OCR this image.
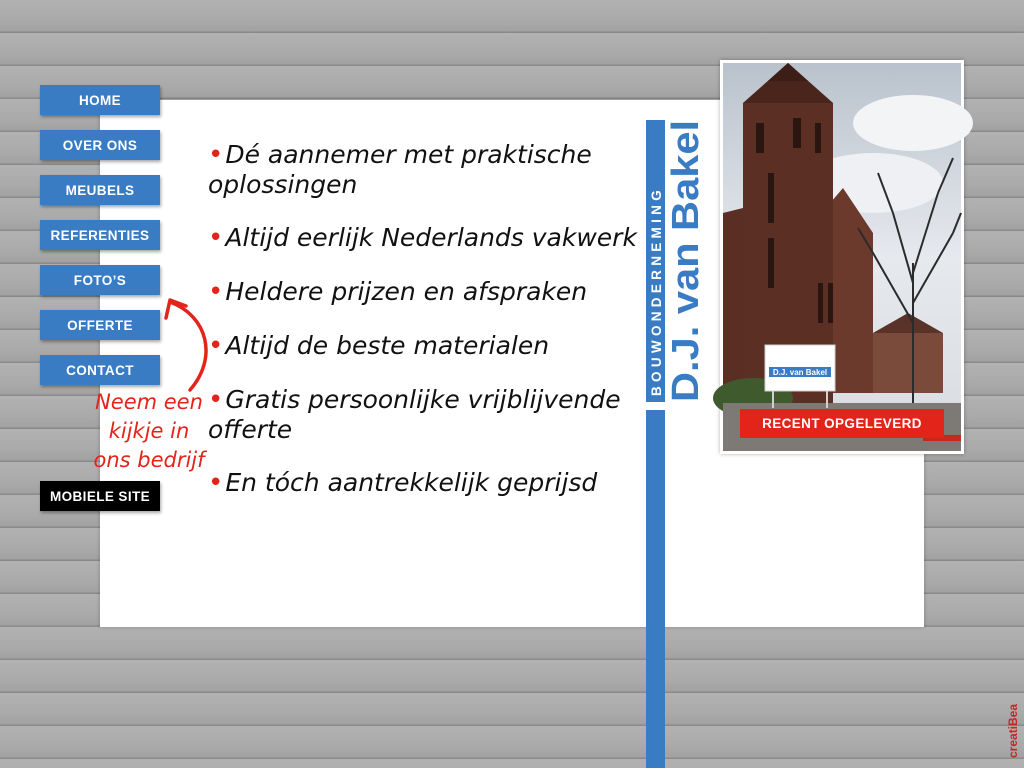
HOME
OVER ONS
MEUBELS
REFERENTIES
FOTO’S
OFFERTE
CONTACT
MOBIELE SITE
Neem een
kijkje in
ons bedrijf
•Dé aannemer met praktische oplossingen
•Altijd eerlijk Nederlands vakwerk
•Heldere prijzen en afspraken
•Altijd de beste materialen
•Gratis persoonlijke vrijblijvende offerte
•En tóch aantrekkelijk geprijsd
BOUWONDERNEMING D.J. van Bakel	D.J. van Bakel
RECENT OPGELEVERD
creatiBea
